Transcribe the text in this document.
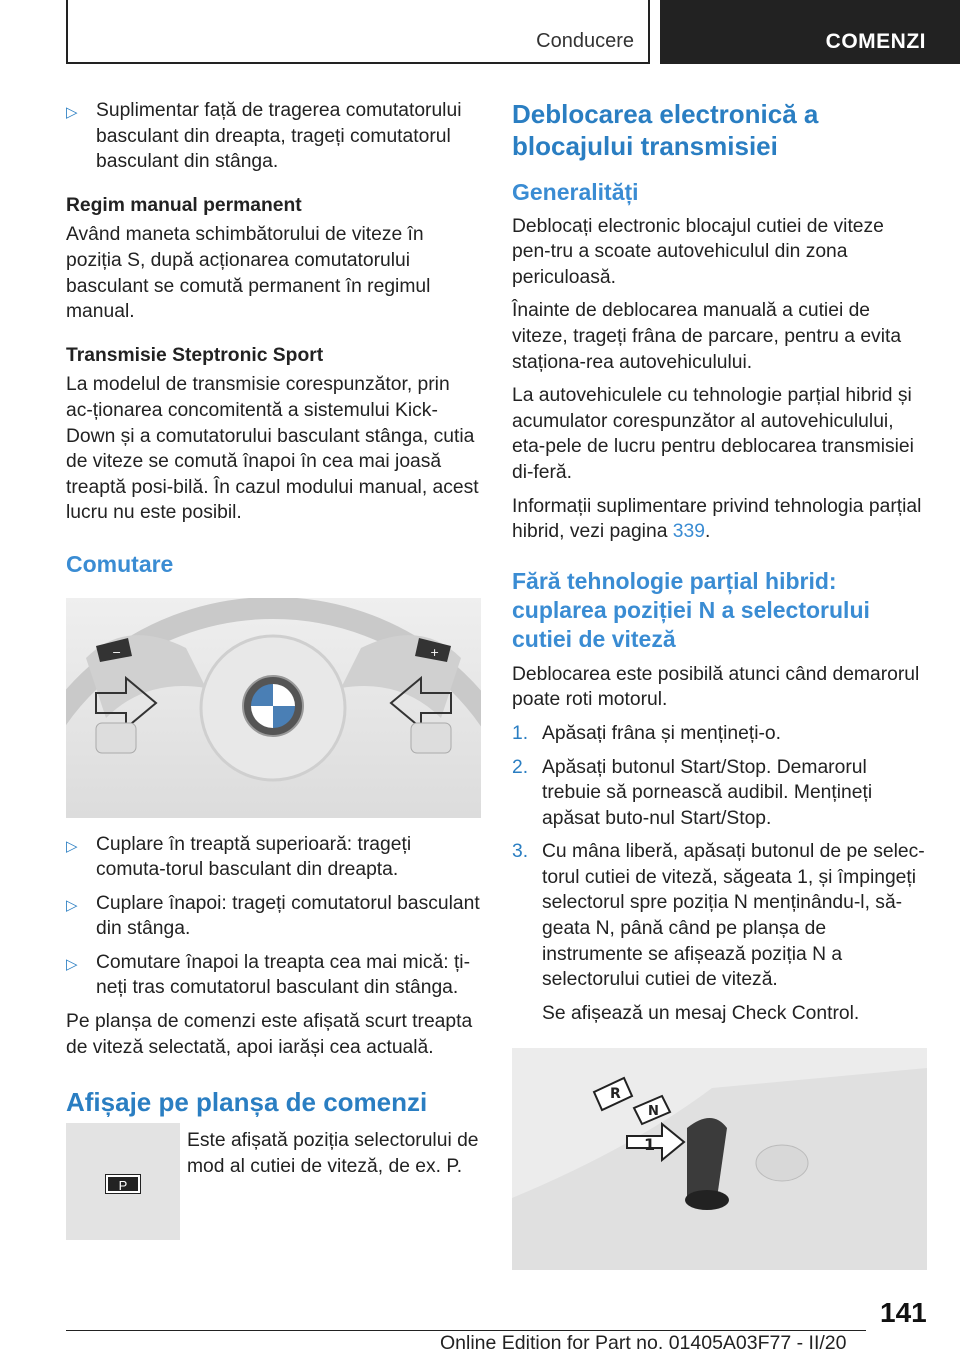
Conducere	COMENZI
▷ Suplimentar față de tragerea comutatorului basculant din dreapta, trageți comutatorul basculant din stânga.

Regim manual permanent

Având maneta schimbătorului de viteze în poziția S, după acționarea comutatorului basculant se comută permanent în regimul manual.

Transmisie Steptronic Sport

La modelul de transmisie corespunzător, prin ac-ționarea concomitentă a sistemului Kick-Down și a comutatorului basculant stânga, cutia de viteze se comută înapoi în cea mai joasă treaptă posi-bilă. În cazul modului manual, acest lucru nu este posibil.

Comutare
−	+
▷ Cuplare în treaptă superioară: trageți comuta-torul basculant din dreapta.
▷ Cuplare înapoi: trageți comutatorul basculant din stânga.
▷ Comutare înapoi la treapta cea mai mică: ți-neți tras comutatorul basculant din stânga.

Pe planșa de comenzi este afișată scurt treapta de viteză selectată, apoi iarăși cea actuală.

Afișaje pe planșa de comenzi

Este afișată poziția selectorului de mod al cutiei de viteză, de ex. P.

P
Deblocarea electronică a blocajului transmisiei
Generalități

Deblocați electronic blocajul cutiei de viteze pen-tru a scoate autovehiculul din zona periculoasă.

Înainte de deblocarea manuală a cutiei de viteze, trageți frâna de parcare, pentru a evita staționa-rea autovehiculului.

La autovehiculele cu tehnologie parțial hibrid și acumulator corespunzător al autovehiculului, eta-pele de lucru pentru deblocarea transmisiei di-feră.

Informații suplimentare privind tehnologia parțial hibrid, vezi pagina 339.

Fără tehnologie parțial hibrid: cuplarea poziției N a selectorului cutiei de viteză

Deblocarea este posibilă atunci când demarorul poate roti motorul.

1. Apăsați frâna și mențineți-o.
2. Apăsați butonul Start/Stop. Demarorul trebuie să pornească audibil. Mențineți apăsat buto-nul Start/Stop.
3. Cu mâna liberă, apăsați butonul de pe selec-torul cutiei de viteză, săgeata 1, și împingeți selectorul spre poziția N menținându-l, să-geata N, până când pe planșa de instrumente se afișează poziția N a selectorului cutiei de viteză.

Se afișează un mesaj Check Control.

R
N
1
141
Online Edition for Part no. 01405A03F77 - II/20
